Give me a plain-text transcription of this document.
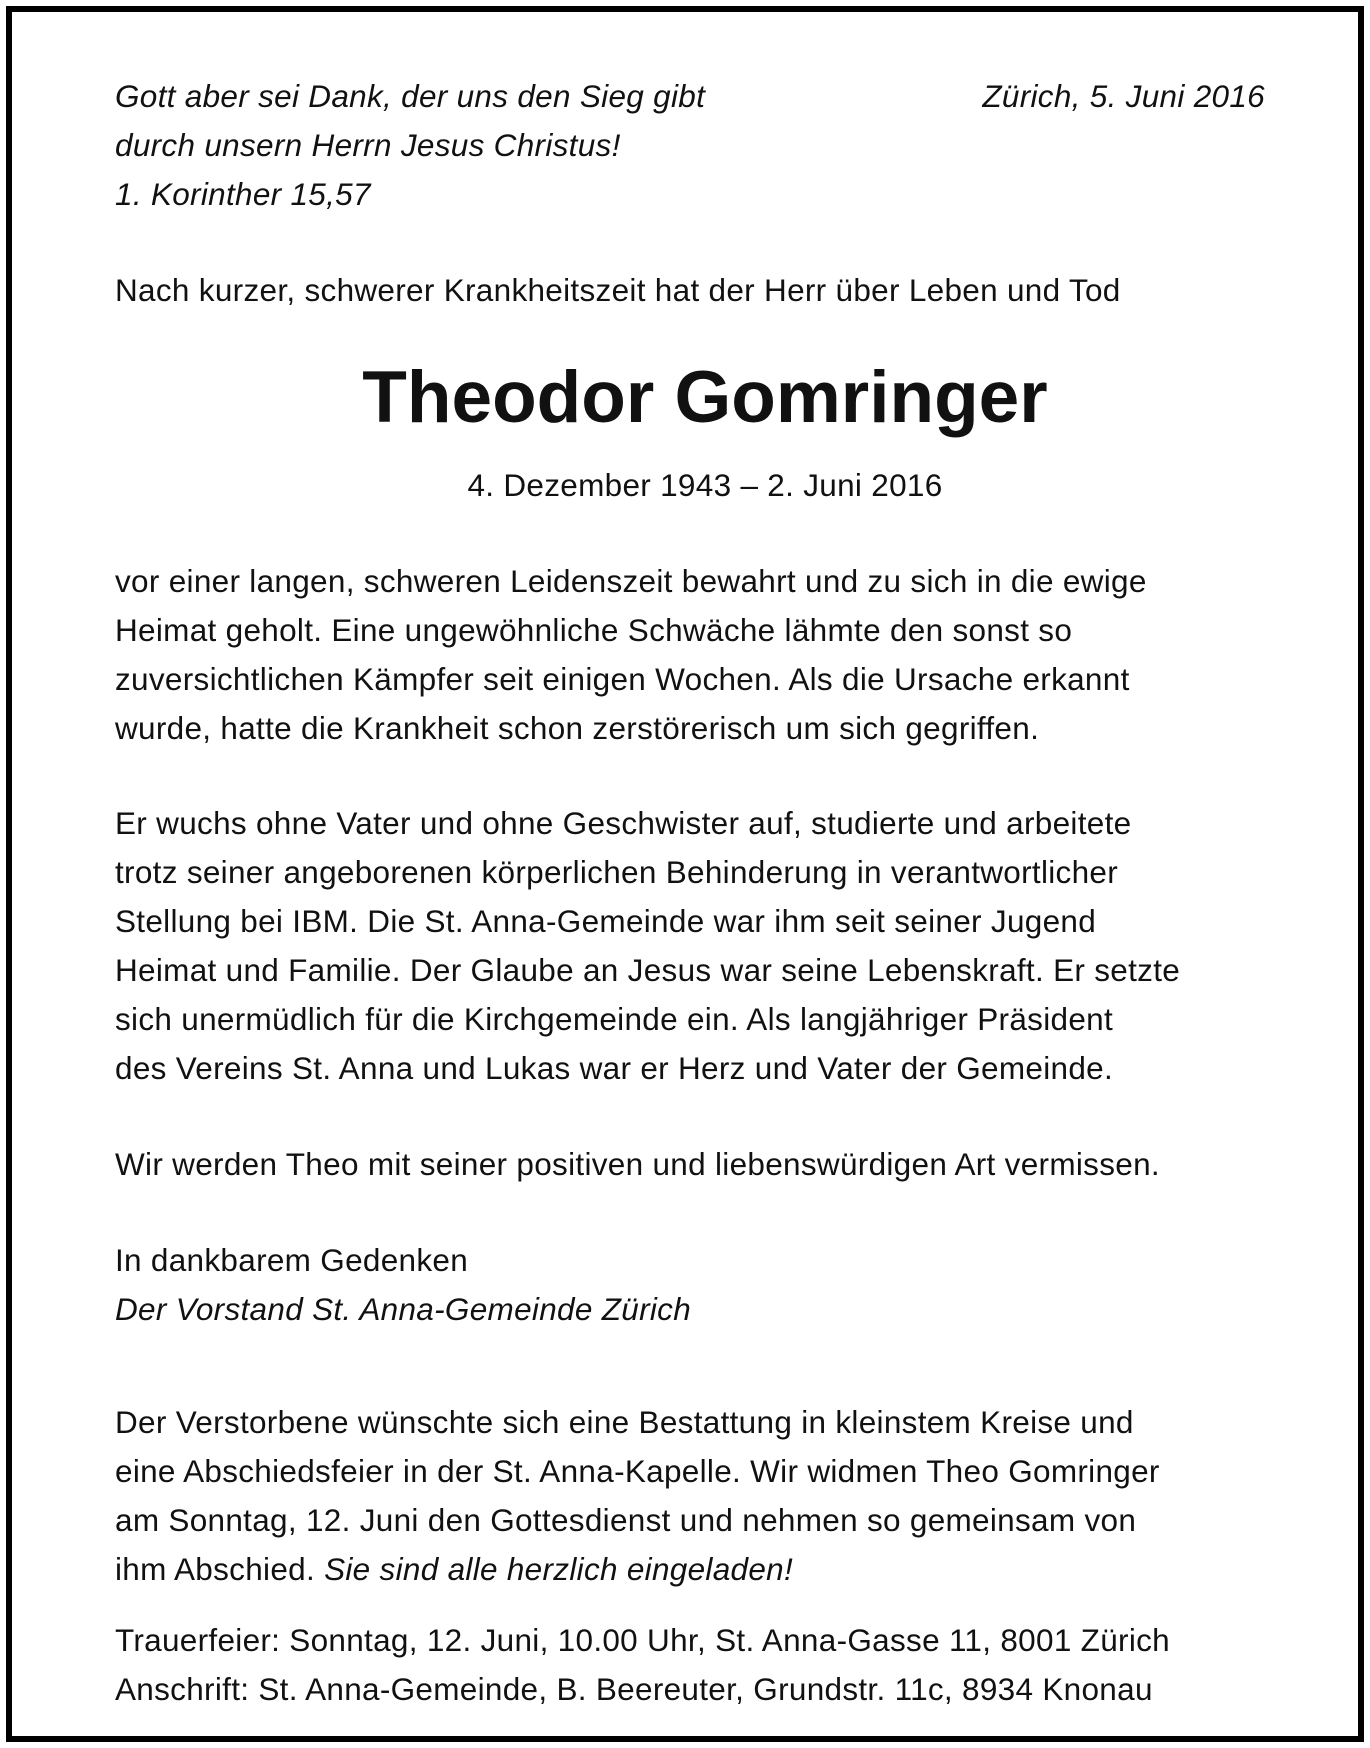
Gott aber sei Dank, der uns den Sieg gibt
durch unsern Herrn Jesus Christus!
1. Korinther 15,57
Zürich, 5. Juni 2016
Nach kurzer, schwerer Krankheitszeit hat der Herr über Leben und Tod
Theodor Gomringer
4. Dezember 1943 – 2. Juni 2016
vor einer langen, schweren Leidenszeit bewahrt und zu sich in die ewige
Heimat geholt. Eine ungewöhnliche Schwäche lähmte den sonst so
zuversichtlichen Kämpfer seit einigen Wochen. Als die Ursache erkannt
wurde, hatte die Krankheit schon zerstörerisch um sich gegriffen.
Er wuchs ohne Vater und ohne Geschwister auf, studierte und arbeitete
trotz seiner angeborenen körperlichen Behinderung in verantwortlicher
Stellung bei IBM. Die St. Anna-Gemeinde war ihm seit seiner Jugend
Heimat und Familie. Der Glaube an Jesus war seine Lebenskraft. Er setzte
sich unermüdlich für die Kirchgemeinde ein. Als langjähriger Präsident
des Vereins St. Anna und Lukas war er Herz und Vater der Gemeinde.
Wir werden Theo mit seiner positiven und liebenswürdigen Art vermissen.
In dankbarem Gedenken
Der Vorstand St. Anna-Gemeinde Zürich
Der Verstorbene wünschte sich eine Bestattung in kleinstem Kreise und
eine Abschiedsfeier in der St. Anna-Kapelle. Wir widmen Theo Gomringer
am Sonntag, 12. Juni den Gottesdienst und nehmen so gemeinsam von
ihm Abschied. Sie sind alle herzlich eingeladen!
Trauerfeier: Sonntag, 12. Juni, 10.00 Uhr, St. Anna-Gasse 11, 8001 Zürich
Anschrift: St. Anna-Gemeinde, B. Beereuter, Grundstr. 11c, 8934 Knonau
